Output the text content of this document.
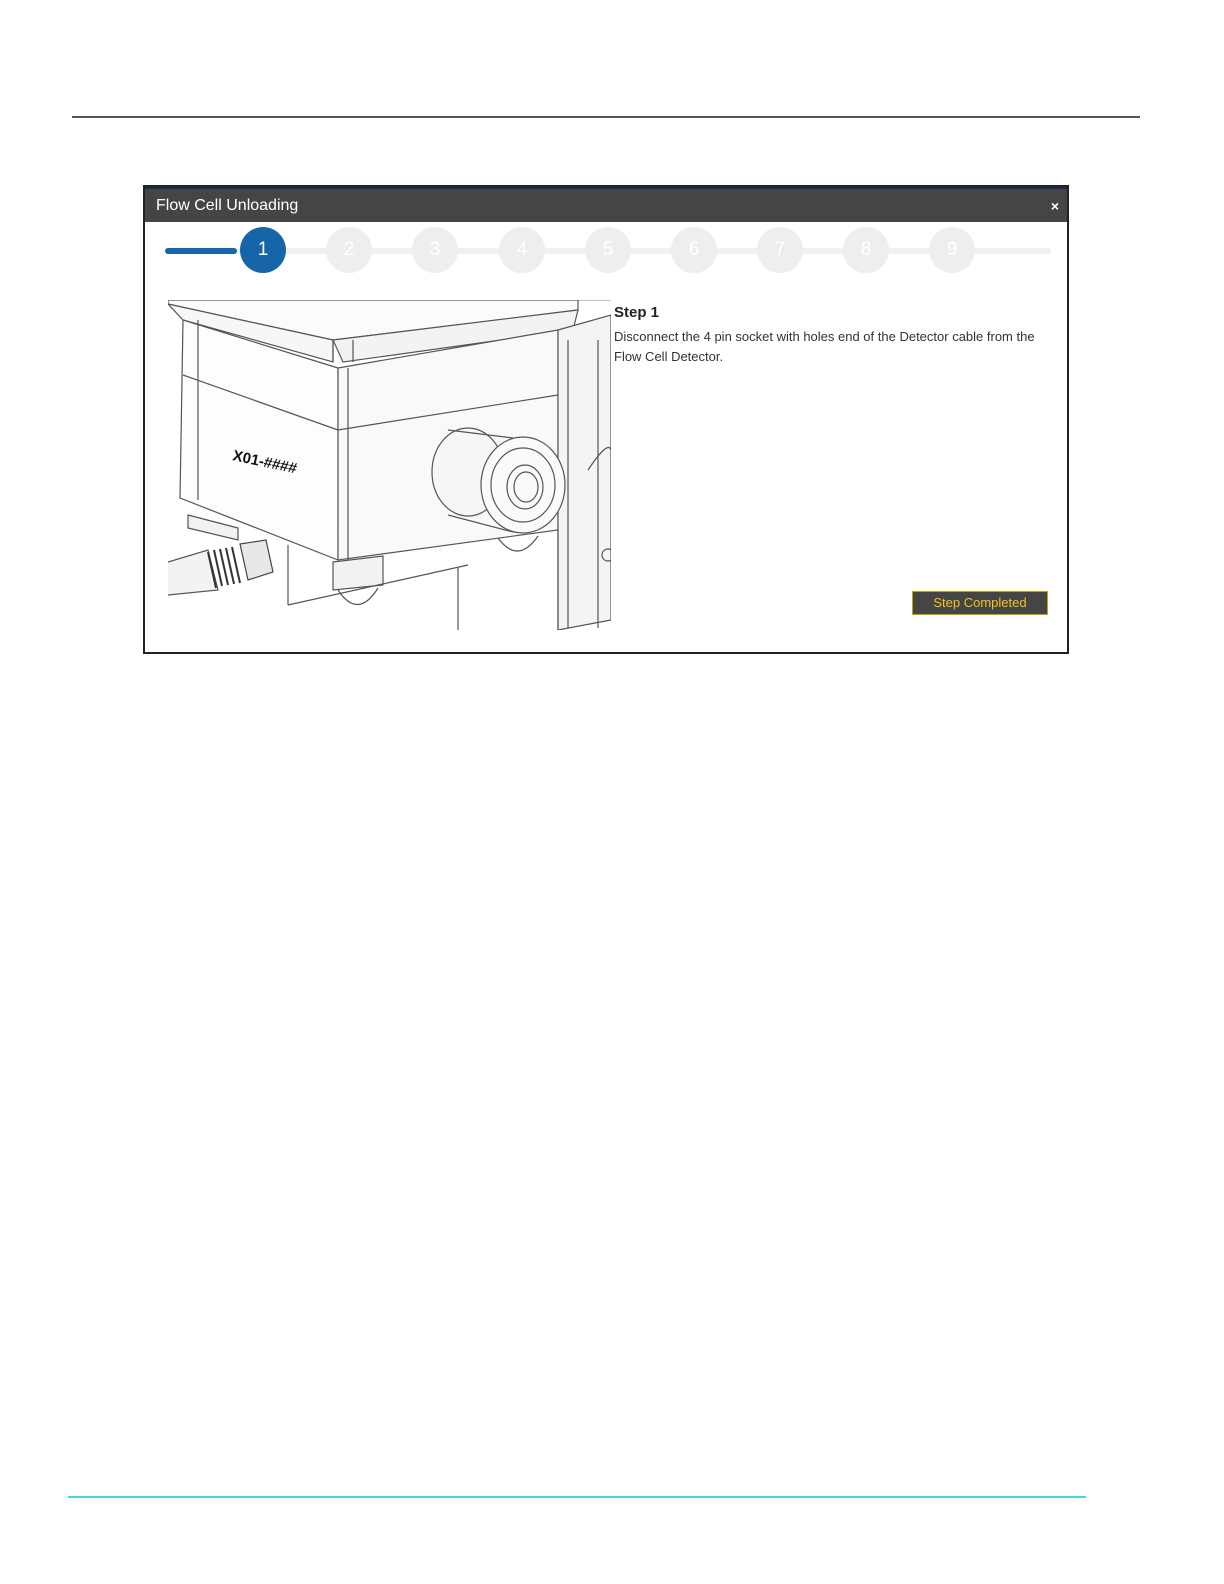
Flow Cell Unloading	×
1	2	3	4	5	6	7	8	9
X01-####

Step 1

Disconnect the 4 pin socket with holes end of the Detector cable from the Flow Cell Detector.

Step Completed
